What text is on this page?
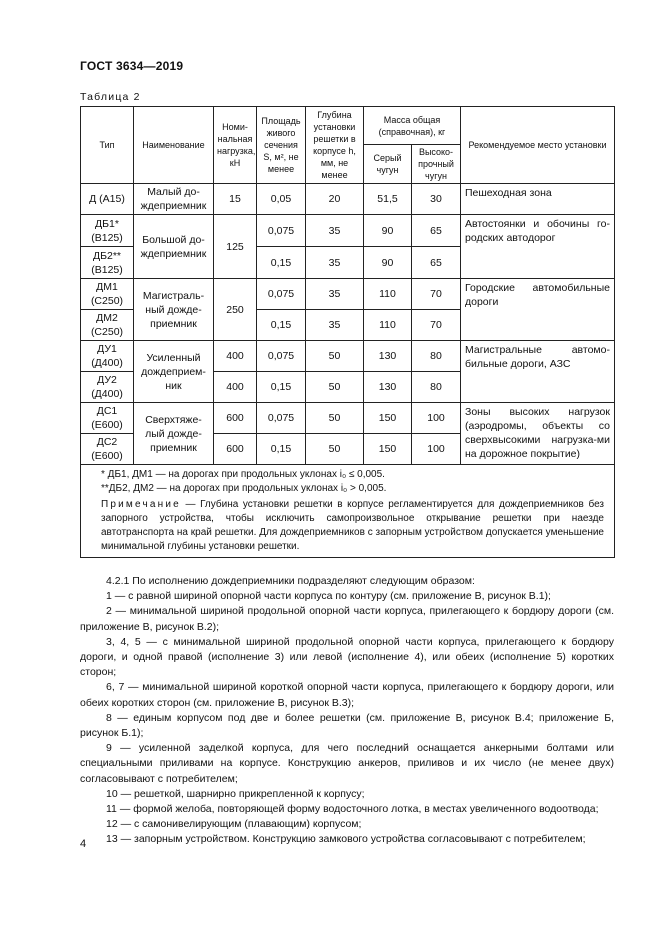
ГОСТ 3634—2019
Таблица 2
Тип	Наименование	Номи-нальная нагрузка, кН	Площадь живого сечения S, м², не менее	Глубина установки решетки в корпусе h, мм, не менее	Масса общая (справочная), кг		Рекомендуемое место установки
					Серый чугун	Высоко-прочный чугун	
Д (А15)	Малый до-ждеприемник	15	0,05	20	51,5	30	Пешеходная зона
ДБ1* (В125)	Большой до-ждеприемник	125	0,075	35	90	65	Автостоянки и обочины го-родских автодорог
ДБ2** (В125)			0,15	35	90	65	
ДМ1 (С250)	Магистраль-ный дожде-приемник	250	0,075	35	110	70	Городские автомобильные дороги
ДМ2 (С250)			0,15	35	110	70	
ДУ1 (Д400)	Усиленный дождеприем-ник	400	0,075	50	130	80	Магистральные автомо-бильные дороги, АЗС
ДУ2 (Д400)		400	0,15	50	130	80	
ДС1 (Е600)	Сверхтяже-лый дожде-приемник	600	0,075	50	150	100	Зоны высоких нагрузок (аэродромы, объекты со сверхвысокими нагрузка-ми на дорожное покрытие)
ДС2 (Е600)		600	0,15	50	150	100	

* ДБ1, ДМ1 — на дорогах при продольных уклонах i₀ ≤ 0,005.
**ДБ2, ДМ2 — на дорогах при продольных уклонах i₀ > 0,005.
Примечание — Глубина установки решетки в корпусе регламентируется для дождеприемников без запорного устройства, чтобы исключить самопроизвольное открывание решетки при наезде автотранспорта на край решетки. Для дождеприемников с запорным устройством допускается уменьшение минимальной глубины установки решетки.							

4.2.1 По исполнению дождеприемники подразделяют следующим образом:

1 — с равной шириной опорной части корпуса по контуру (см. приложение В, рисунок В.1);

2 — минимальной шириной продольной опорной части корпуса, прилегающего к бордюру дороги (см. приложение В, рисунок В.2);

3, 4, 5 — с минимальной шириной продольной опорной части корпуса, прилегающего к бордюру дороги, и одной правой (исполнение 3) или левой (исполнение 4), или обеих (исполнение 5) коротких сторон;

6, 7 — минимальной шириной короткой опорной части корпуса, прилегающего к бордюру дороги, или обеих коротких сторон (см. приложение В, рисунок В.3);

8 — единым корпусом под две и более решетки (см. приложение В, рисунок В.4; приложение Б, рисунок Б.1);

9 — усиленной заделкой корпуса, для чего последний оснащается анкерными болтами или специальными приливами на корпусе. Конструкцию анкеров, приливов и их число (не менее двух) согласовывают с потребителем;

10 — решеткой, шарнирно прикрепленной к корпусу;

11 — формой желоба, повторяющей форму водосточного лотка, в местах увеличенного водоотвода;

12 — с самонивелирующим (плавающим) корпусом;

13 — запорным устройством. Конструкцию замкового устройства согласовывают с потребителем;

4
